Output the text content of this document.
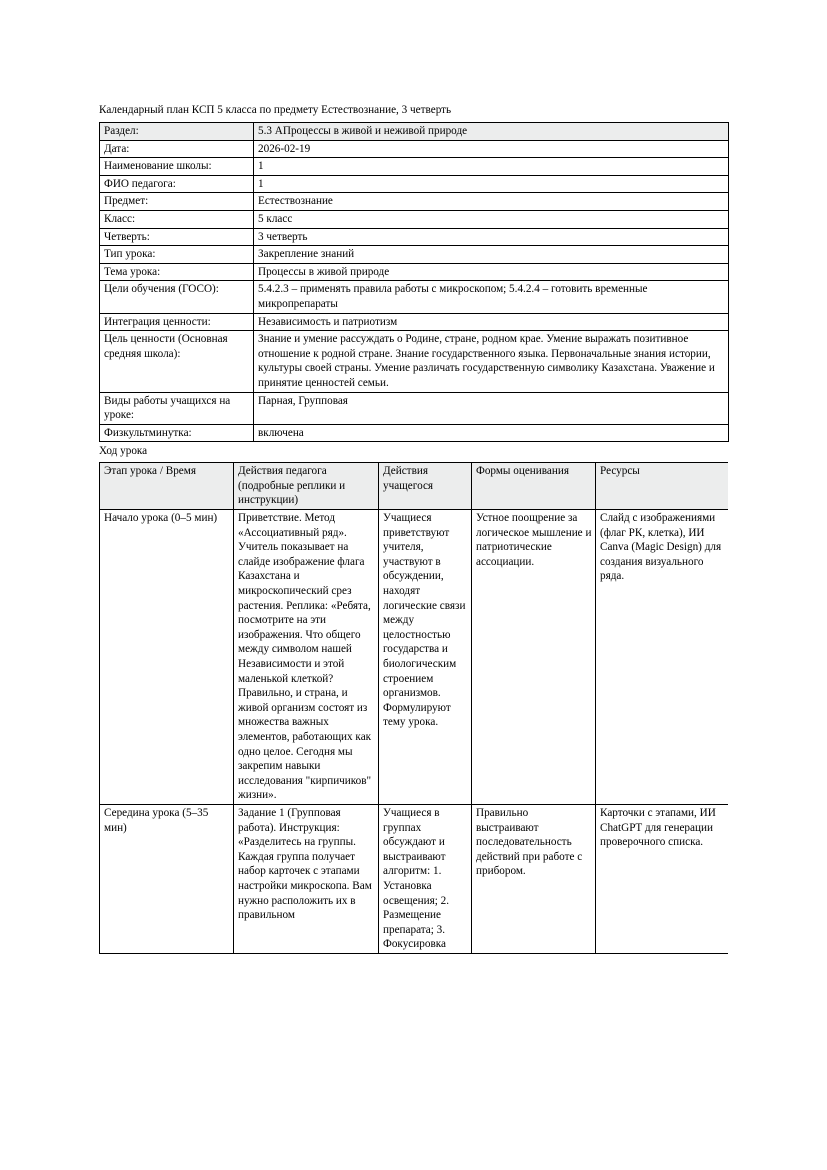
Календарный план КСП 5 класса по предмету Естествознание, 3 четверть
Раздел:	5.3 АПроцессы в живой и неживой природе
Дата:	2026-02-19
Наименование школы:	1
ФИО педагога:	1
Предмет:	Естествознание
Класс:	5 класс
Четверть:	3 четверть
Тип урока:	Закрепление знаний
Тема урока:	Процессы в живой природе
Цели обучения (ГОСО):	5.4.2.3 – применять правила работы с микроскопом; 5.4.2.4 – готовить временные микропрепараты
Интеграция ценности:	Независимость и патриотизм
Цель ценности (Основная средняя школа):	Знание и умение рассуждать о Родине, стране, родном крае. Умение выражать позитивное отношение к родной стране. Знание государственного языка. Первоначальные знания истории, культуры своей страны. Умение различать государственную символику Казахстана. Уважение и принятие ценностей семьи.
Виды работы учащихся на уроке:	Парная, Групповая
Физкультминутка:	включена
Ход урока
Этап урока / Время	Действия педагога (подробные реплики и инструкции)	Действия учащегося	Формы оценивания	Ресурсы
Начало урока (0–5 мин)	Приветствие. Метод «Ассоциативный ряд». Учитель показывает на слайде изображение флага Казахстана и микроскопический срез растения. Реплика: «Ребята, посмотрите на эти изображения. Что общего между символом нашей Независимости и этой маленькой клеткой? Правильно, и страна, и живой организм состоят из множества важных элементов, работающих как одно целое. Сегодня мы закрепим навыки исследования "кирпичиков" жизни».	Учащиеся приветствуют учителя, участвуют в обсуждении, находят логические связи между целостностью государства и биологическим строением организмов. Формулируют тему урока.	Устное поощрение за логическое мышление и патриотические ассоциации.	Слайд с изображениями (флаг РК, клетка), ИИ Canva (Magic Design) для создания визуального ряда.
Середина урока (5–35 мин)	Задание 1 (Групповая работа). Инструкция: «Разделитесь на группы. Каждая группа получает набор карточек с этапами настройки микроскопа. Вам нужно расположить их в правильном	Учащиеся в группах обсуждают и выстраивают алгоритм: 1. Установка освещения; 2. Размещение препарата; 3. Фокусировка	Правильно выстраивают последовательность действий при работе с прибором.	Карточки с этапами, ИИ ChatGPT для генерации проверочного списка.
